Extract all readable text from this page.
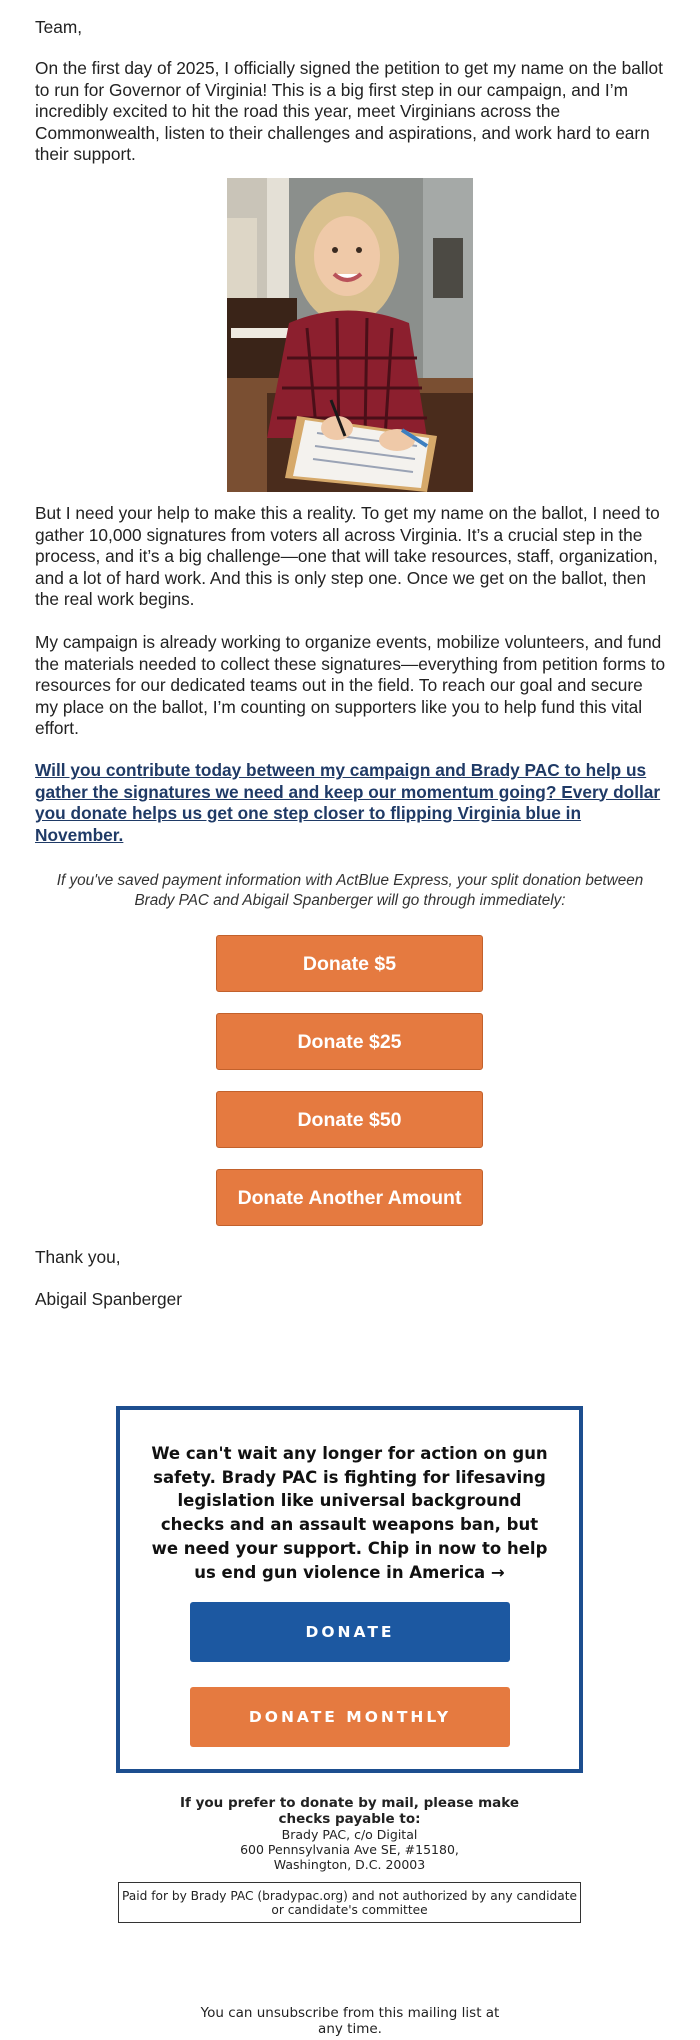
Team,

On the first day of 2025, I officially signed the petition to get my name on the ballot to run for Governor of Virginia! This is a big first step in our campaign, and I’m incredibly excited to hit the road this year, meet Virginians across the Commonwealth, listen to their challenges and aspirations, and work hard to earn their support.

But I need your help to make this a reality. To get my name on the ballot, I need to gather 10,000 signatures from voters all across Virginia. It’s a crucial step in the process, and it’s a big challenge—one that will take resources, staff, organization, and a lot of hard work. And this is only step one. Once we get on the ballot, then the real work begins.

My campaign is already working to organize events, mobilize volunteers, and fund the materials needed to collect these signatures—everything from petition forms to resources for our dedicated teams out in the field. To reach our goal and secure my place on the ballot, I’m counting on supporters like you to help fund this vital effort.

Will you contribute today between my campaign and Brady PAC to help us gather the signatures we need and keep our momentum going? Every dollar you donate helps us get one step closer to flipping Virginia blue in November.

If you've saved payment information with ActBlue Express, your split donation between Brady PAC and Abigail Spanberger will go through immediately:

Donate $5
Donate $25
Donate $50
Donate Another Amount

Thank you,

Abigail Spanberger

We can't wait any longer for action on gun safety. Brady PAC is fighting for lifesaving legislation like universal background checks and an assault weapons ban, but we need your support. Chip in now to help us end gun violence in America →
DONATE
DONATE MONTHLY
If you prefer to donate by mail, please make checks payable to:
Brady PAC, c/o Digital
600 Pennsylvania Ave SE, #15180,
Washington, D.C. 20003
Paid for by Brady PAC (bradypac.org) and not authorized by any candidate or candidate's committee
You can unsubscribe from this mailing list at any time.
